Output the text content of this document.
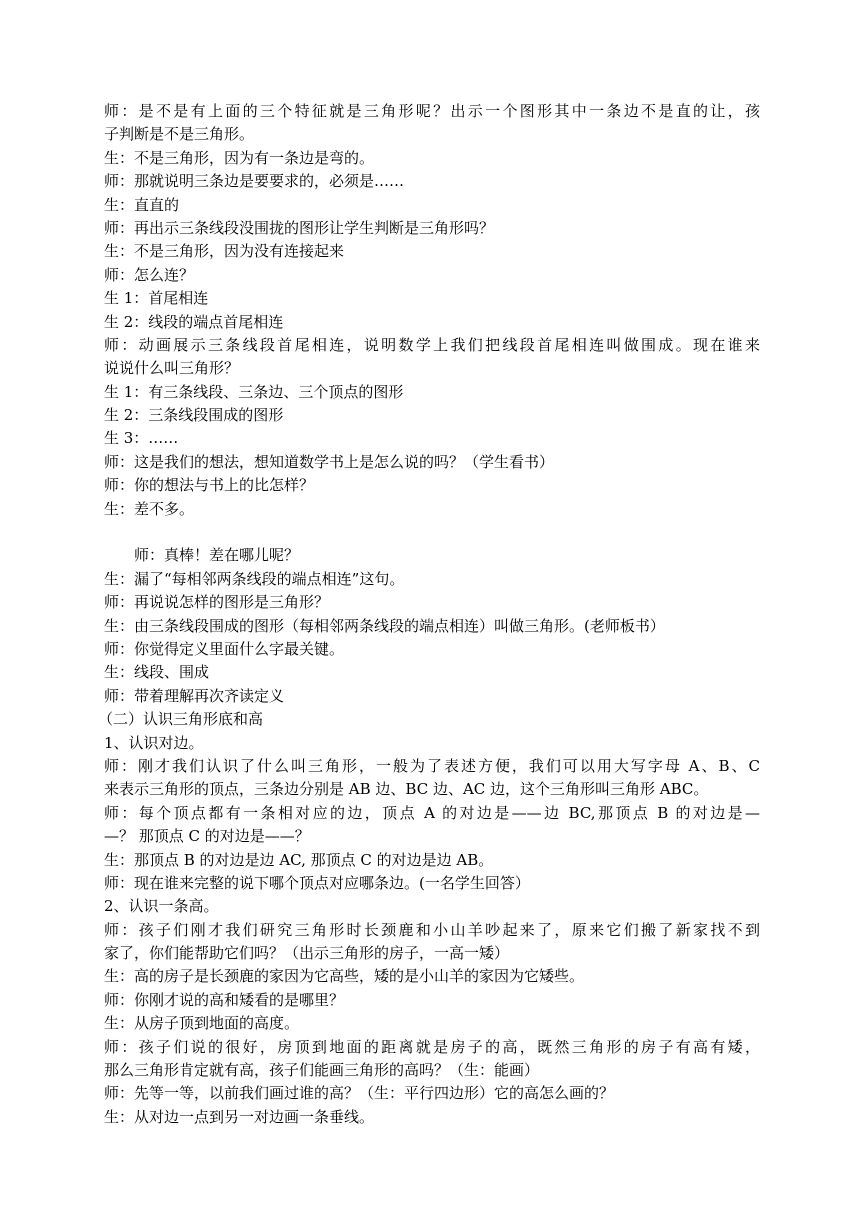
师：是不是有上面的三个特征就是三角形呢？出示一个图形其中一条边不是直的让，孩
子判断是不是三角形。
生：不是三角形，因为有一条边是弯的。
师：那就说明三条边是要要求的，必须是……
生：直直的
师：再出示三条线段没围拢的图形让学生判断是三角形吗？
生：不是三角形，因为没有连接起来
师：怎么连？
生 1：首尾相连
生 2：线段的端点首尾相连
师：动画展示三条线段首尾相连，说明数学上我们把线段首尾相连叫做围成。现在谁来
说说什么叫三角形？
生 1：有三条线段、三条边、三个顶点的图形
生 2：三条线段围成的图形
生 3：……
师：这是我们的想法，想知道数学书上是怎么说的吗？（学生看书）
师：你的想法与书上的比怎样？
生：差不多。
师：真棒！差在哪儿呢？
生：漏了“每相邻两条线段的端点相连”这句。
师：再说说怎样的图形是三角形？
生：由三条线段围成的图形（每相邻两条线段的端点相连）叫做三角形。(老师板书）
师：你觉得定义里面什么字最关键。
生：线段、围成
师：带着理解再次齐读定义
（二）认识三角形底和高
1、认识对边。
师：刚才我们认识了什么叫三角形，一般为了表述方便，我们可以用大写字母 A、B、C
来表示三角形的顶点，三条边分别是 AB 边、BC 边、AC 边，这个三角形叫三角形 ABC。
师：每个顶点都有一条相对应的边，顶点 A 的对边是——边 BC,那顶点 B 的对边是—
—？ 那顶点 C 的对边是——？
生：那顶点 B 的对边是边 AC, 那顶点 C 的对边是边 AB。
师：现在谁来完整的说下哪个顶点对应哪条边。(一名学生回答）
2、认识一条高。
师：孩子们刚才我们研究三角形时长颈鹿和小山羊吵起来了，原来它们搬了新家找不到
家了，你们能帮助它们吗？（出示三角形的房子，一高一矮）
生：高的房子是长颈鹿的家因为它高些，矮的是小山羊的家因为它矮些。
师：你刚才说的高和矮看的是哪里？
生：从房子顶到地面的高度。
师：孩子们说的很好，房顶到地面的距离就是房子的高，既然三角形的房子有高有矮，
那么三角形肯定就有高，孩子们能画三角形的高吗？（生：能画）
师：先等一等，以前我们画过谁的高？（生：平行四边形）它的高怎么画的？
生：从对边一点到另一对边画一条垂线。
